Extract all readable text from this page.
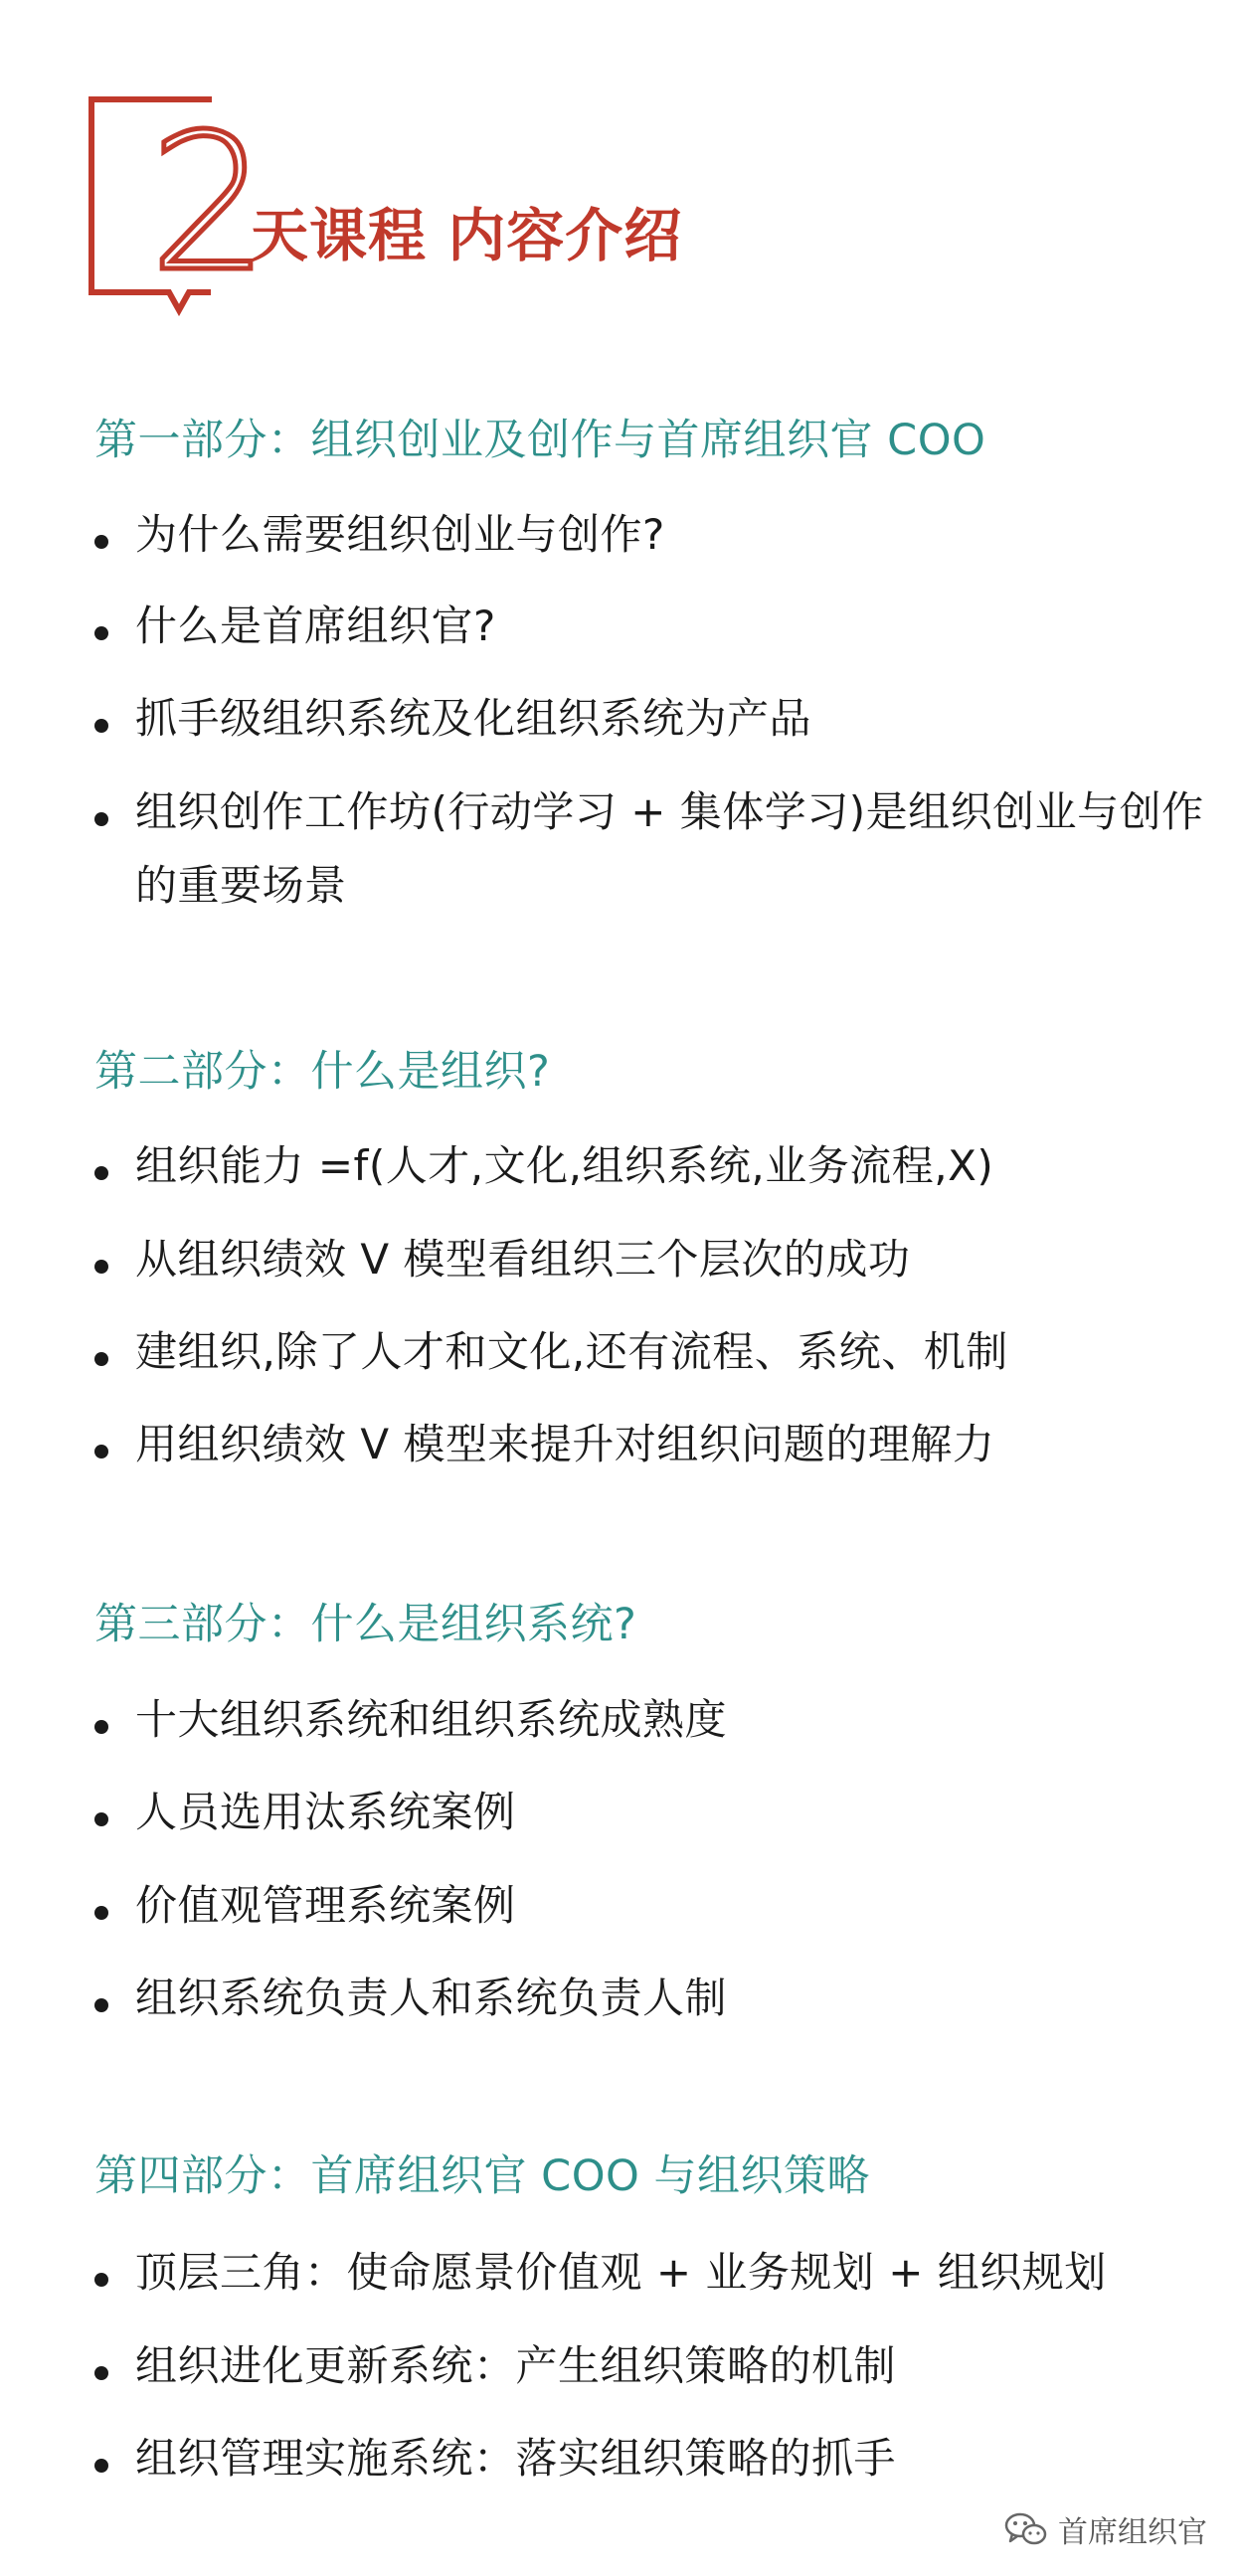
2
天课程 内容介绍
第一部分：组织创业及创作与首席组织官 COO
为什么需要组织创业与创作?
什么是首席组织官?
抓手级组织系统及化组织系统为产品
组织创作工作坊(行动学习 + 集体学习)是组织创业与创作的重要场景
第二部分：什么是组织?
组织能力 =f(人才,文化,组织系统,业务流程,X)
从组织绩效 V 模型看组织三个层次的成功
建组织,除了人才和文化,还有流程、系统、机制
用组织绩效 V 模型来提升对组织问题的理解力
第三部分：什么是组织系统?
十大组织系统和组织系统成熟度
人员选用汰系统案例
价值观管理系统案例
组织系统负责人和系统负责人制
第四部分：首席组织官 COO 与组织策略
顶层三角：使命愿景价值观 + 业务规划 + 组织规划
组织进化更新系统：产生组织策略的机制
组织管理实施系统：落实组织策略的抓手
首席组织官
